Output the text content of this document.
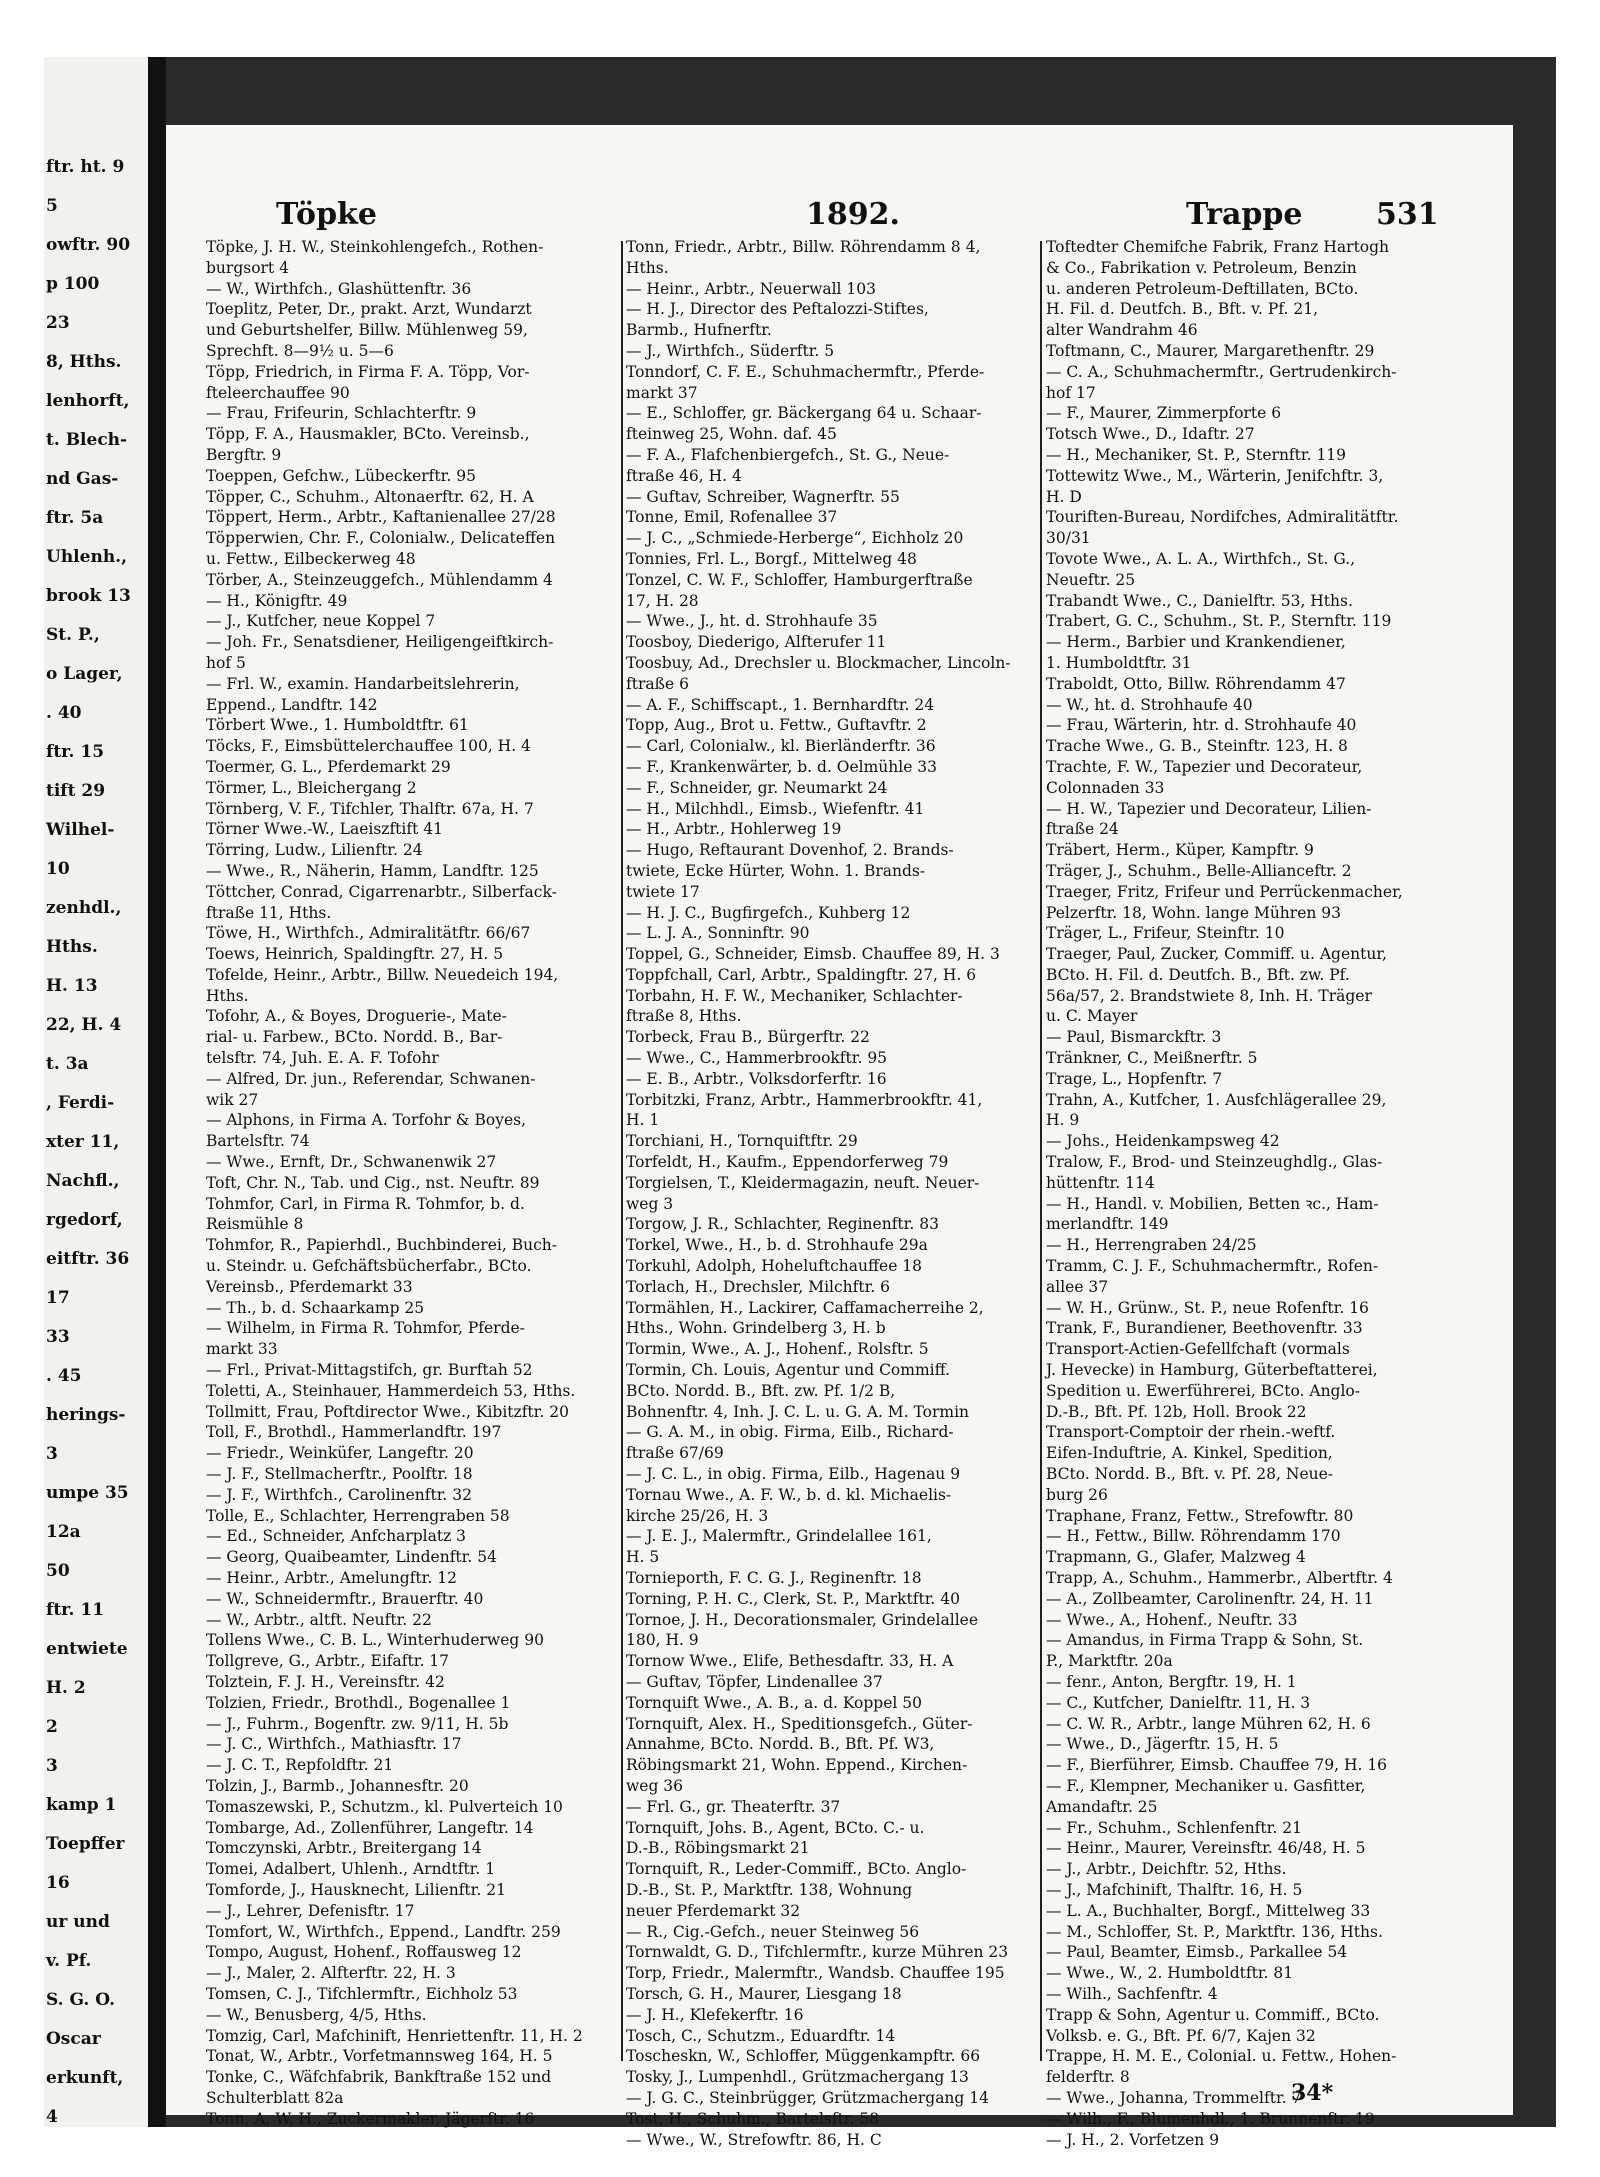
ftr. ht. 9
5
owftr. 90
p 100
23
8, Hths.
lenhorft,
t. Blech-
nd Gas-
ftr. 5a
Uhlenh.,
brook 13
St. P.,
o Lager,
. 40
ftr. 15
tift 29
Wilhel-
10
zenhdl.,
Hths.
H. 13
22, H. 4
t. 3a
, Ferdi-
xter 11,
Nachfl.,
rgedorf,
eitftr. 36
17
33
. 45
herings-
3
umpe 35
12a
50
ftr. 11
entwiete
H. 2
2
3
kamp 1
Toepffer
16
ur und
v. Pf.
S. G. O.
Oscar
erkunft,
4
Töpke	1892.	Trappe 531
Töpke, J. H. W., Steinkohlengefch., Rothen-
burgsort 4
— W., Wirthfch., Glashüttenftr. 36
Toeplitz, Peter, Dr., prakt. Arzt, Wundarzt
und Geburtshelfer, Billw. Mühlenweg 59,
Sprechft. 8—9½ u. 5—6
Töpp, Friedrich, in Firma F. A. Töpp, Vor-
fteleerchauffee 90
— Frau, Frifeurin, Schlachterftr. 9
Töpp, F. A., Hausmakler, BCto. Vereinsb.,
Bergftr. 9
Toeppen, Gefchw., Lübeckerftr. 95
Töpper, C., Schuhm., Altonaerftr. 62, H. A
Töppert, Herm., Arbtr., Kaftanienallee 27/28
Töpperwien, Chr. F., Colonialw., Delicateffen
u. Fettw., Eilbeckerweg 48
Törber, A., Steinzeuggefch., Mühlendamm 4
— H., Königftr. 49
— J., Kutfcher, neue Koppel 7
— Joh. Fr., Senatsdiener, Heiligengeiftkirch-
hof 5
— Frl. W., examin. Handarbeitslehrerin,
Eppend., Landftr. 142
Törbert Wwe., 1. Humboldtftr. 61
Töcks, F., Eimsbüttelerchauffee 100, H. 4
Toermer, G. L., Pferdemarkt 29
Törmer, L., Bleichergang 2
Törnberg, V. F., Tifchler, Thalftr. 67a, H. 7
Törner Wwe.-W., Laeiszftift 41
Törring, Ludw., Lilienftr. 24
— Wwe., R., Näherin, Hamm, Landftr. 125
Töttcher, Conrad, Cigarrenarbtr., Silberfack-
ftraße 11, Hths.
Töwe, H., Wirthfch., Admiralitätftr. 66/67
Toews, Heinrich, Spaldingftr. 27, H. 5
Tofelde, Heinr., Arbtr., Billw. Neuedeich 194,
Hths.
Tofohr, A., & Boyes, Droguerie-, Mate-
rial- u. Farbew., BCto. Nordd. B., Bar-
telsftr. 74, Juh. E. A. F. Tofohr
— Alfred, Dr. jun., Referendar, Schwanen-
wik 27
— Alphons, in Firma A. Torfohr & Boyes,
Bartelsftr. 74
— Wwe., Ernft, Dr., Schwanenwik 27
Toft, Chr. N., Tab. und Cig., nst. Neuftr. 89
Tohmfor, Carl, in Firma R. Tohmfor, b. d.
Reismühle 8
Tohmfor, R., Papierhdl., Buchbinderei, Buch-
u. Steindr. u. Gefchäftsbücherfabr., BCto.
Vereinsb., Pferdemarkt 33
— Th., b. d. Schaarkamp 25
— Wilhelm, in Firma R. Tohmfor, Pferde-
markt 33
— Frl., Privat-Mittagstifch, gr. Burftah 52
Toletti, A., Steinhauer, Hammerdeich 53, Hths.
Tollmitt, Frau, Poftdirector Wwe., Kibitzftr. 20
Toll, F., Brothdl., Hammerlandftr. 197
— Friedr., Weinküfer, Langeftr. 20
— J. F., Stellmacherftr., Poolftr. 18
— J. F., Wirthfch., Carolinenftr. 32
Tolle, E., Schlachter, Herrengraben 58
— Ed., Schneider, Anfcharplatz 3
— Georg, Quaibeamter, Lindenftr. 54
— Heinr., Arbtr., Amelungftr. 12
— W., Schneidermftr., Brauerftr. 40
— W., Arbtr., altft. Neuftr. 22
Tollens Wwe., C. B. L., Winterhuderweg 90
Tollgreve, G., Arbtr., Eifaftr. 17
Tolztein, F. J. H., Vereinsftr. 42
Tolzien, Friedr., Brothdl., Bogenallee 1
— J., Fuhrm., Bogenftr. zw. 9/11, H. 5b
— J. C., Wirthfch., Mathiasftr. 17
— J. C. T., Repfoldftr. 21
Tolzin, J., Barmb., Johannesftr. 20
Tomaszewski, P., Schutzm., kl. Pulverteich 10
Tombarge, Ad., Zollenführer, Langeftr. 14
Tomczynski, Arbtr., Breitergang 14
Tomei, Adalbert, Uhlenh., Arndtftr. 1
Tomforde, J., Hausknecht, Lilienftr. 21
— J., Lehrer, Defenisftr. 17
Tomfort, W., Wirthfch., Eppend., Landftr. 259
Tompo, August, Hohenf., Roffausweg 12
— J., Maler, 2. Alfterftr. 22, H. 3
Tomsen, C. J., Tifchlermftr., Eichholz 53
— W., Benusberg, 4/5, Hths.
Tomzig, Carl, Mafchinift, Henriettenftr. 11, H. 2
Tonat, W., Arbtr., Vorfetmannsweg 164, H. 5
Tonke, C., Wäfchfabrik, Bankftraße 152 und
Schulterblatt 82a
Tonn, A. W. H., Zuckermakler, Jägerftr. 16
Tonn, Friedr., Arbtr., Billw. Röhrendamm 8 4,
Hths.
— Heinr., Arbtr., Neuerwall 103
— H. J., Director des Peftalozzi-Stiftes,
Barmb., Hufnerftr.
— J., Wirthfch., Süderftr. 5
Tonndorf, C. F. E., Schuhmachermftr., Pferde-
markt 37
— E., Schloffer, gr. Bäckergang 64 u. Schaar-
fteinweg 25, Wohn. daf. 45
— F. A., Flafchenbiergefch., St. G., Neue-
ftraße 46, H. 4
— Guftav, Schreiber, Wagnerftr. 55
Tonne, Emil, Rofenallee 37
— J. C., „Schmiede-Herberge“, Eichholz 20
Tonnies, Frl. L., Borgf., Mittelweg 48
Tonzel, C. W. F., Schloffer, Hamburgerftraße
17, H. 28
— Wwe., J., ht. d. Strohhaufe 35
Toosboy, Diederigo, Alfterufer 11
Toosbuy, Ad., Drechsler u. Blockmacher, Lincoln-
ftraße 6
— A. F., Schiffscapt., 1. Bernhardftr. 24
Topp, Aug., Brot u. Fettw., Guftavftr. 2
— Carl, Colonialw., kl. Bierländerftr. 36
— F., Krankenwärter, b. d. Oelmühle 33
— F., Schneider, gr. Neumarkt 24
— H., Milchhdl., Eimsb., Wiefenftr. 41
— H., Arbtr., Hohlerweg 19
— Hugo, Reftaurant Dovenhof, 2. Brands-
twiete, Ecke Hürter, Wohn. 1. Brands-
twiete 17
— H. J. C., Bugfirgefch., Kuhberg 12
— L. J. A., Sonninftr. 90
Toppel, G., Schneider, Eimsb. Chauffee 89, H. 3
Toppfchall, Carl, Arbtr., Spaldingftr. 27, H. 6
Torbahn, H. F. W., Mechaniker, Schlachter-
ftraße 8, Hths.
Torbeck, Frau B., Bürgerftr. 22
— Wwe., C., Hammerbrookftr. 95
— E. B., Arbtr., Volksdorferftr. 16
Torbitzki, Franz, Arbtr., Hammerbrookftr. 41,
H. 1
Torchiani, H., Tornquiftftr. 29
Torfeldt, H., Kaufm., Eppendorferweg 79
Torgielsen, T., Kleidermagazin, neuft. Neuer-
weg 3
Torgow, J. R., Schlachter, Reginenftr. 83
Torkel, Wwe., H., b. d. Strohhaufe 29a
Torkuhl, Adolph, Hoheluftchauffee 18
Torlach, H., Drechsler, Milchftr. 6
Tormählen, H., Lackirer, Caffamacherreihe 2,
Hths., Wohn. Grindelberg 3, H. b
Tormin, Wwe., A. J., Hohenf., Rolsftr. 5
Tormin, Ch. Louis, Agentur und Commiff.
BCto. Nordd. B., Bft. zw. Pf. 1/2 B,
Bohnenftr. 4, Inh. J. C. L. u. G. A. M. Tormin
— G. A. M., in obig. Firma, Eilb., Richard-
ftraße 67/69
— J. C. L., in obig. Firma, Eilb., Hagenau 9
Tornau Wwe., A. F. W., b. d. kl. Michaelis-
kirche 25/26, H. 3
— J. E. J., Malermftr., Grindelallee 161,
H. 5
Tornieporth, F. C. G. J., Reginenftr. 18
Torning, P. H. C., Clerk, St. P., Marktftr. 40
Tornoe, J. H., Decorationsmaler, Grindelallee
180, H. 9
Tornow Wwe., Elife, Bethesdaftr. 33, H. A
— Guftav, Töpfer, Lindenallee 37
Tornquift Wwe., A. B., a. d. Koppel 50
Tornquift, Alex. H., Speditionsgefch., Güter-
Annahme, BCto. Nordd. B., Bft. Pf. W3,
Röbingsmarkt 21, Wohn. Eppend., Kirchen-
weg 36
— Frl. G., gr. Theaterftr. 37
Tornquift, Johs. B., Agent, BCto. C.- u.
D.-B., Röbingsmarkt 21
Tornquift, R., Leder-Commiff., BCto. Anglo-
D.-B., St. P., Marktftr. 138, Wohnung
neuer Pferdemarkt 32
— R., Cig.-Gefch., neuer Steinweg 56
Tornwaldt, G. D., Tifchlermftr., kurze Mühren 23
Torp, Friedr., Malermftr., Wandsb. Chauffee 195
Torsch, G. H., Maurer, Liesgang 18
— J. H., Klefekerftr. 16
Tosch, C., Schutzm., Eduardftr. 14
Toscheskn, W., Schloffer, Müggenkampftr. 66
Tosky, J., Lumpenhdl., Grützmachergang 13
— J. G. C., Steinbrügger, Grützmachergang 14
Tost, H., Schuhm., Bartelsftr. 58
— Wwe., W., Strefowftr. 86, H. C
Toftedter Chemifche Fabrik, Franz Hartogh
& Co., Fabrikation v. Petroleum, Benzin
u. anderen Petroleum-Deftillaten, BCto.
H. Fil. d. Deutfch. B., Bft. v. Pf. 21,
alter Wandrahm 46
Toftmann, C., Maurer, Margarethenftr. 29
— C. A., Schuhmachermftr., Gertrudenkirch-
hof 17
— F., Maurer, Zimmerpforte 6
Totsch Wwe., D., Idaftr. 27
— H., Mechaniker, St. P., Sternftr. 119
Tottewitz Wwe., M., Wärterin, Jenifchftr. 3,
H. D
Touriften-Bureau, Nordifches, Admiralitätftr.
30/31
Tovote Wwe., A. L. A., Wirthfch., St. G.,
Neueftr. 25
Trabandt Wwe., C., Danielftr. 53, Hths.
Trabert, G. C., Schuhm., St. P., Sternftr. 119
— Herm., Barbier und Krankendiener,
1. Humboldtftr. 31
Traboldt, Otto, Billw. Röhrendamm 47
— W., ht. d. Strohhaufe 40
— Frau, Wärterin, htr. d. Strohhaufe 40
Trache Wwe., G. B., Steinftr. 123, H. 8
Trachte, F. W., Tapezier und Decorateur,
Colonnaden 33
— H. W., Tapezier und Decorateur, Lilien-
ftraße 24
Träbert, Herm., Küper, Kampftr. 9
Träger, J., Schuhm., Belle-Allianceftr. 2
Traeger, Fritz, Frifeur und Perrückenmacher,
Pelzerftr. 18, Wohn. lange Mühren 93
Träger, L., Frifeur, Steinftr. 10
Traeger, Paul, Zucker, Commiff. u. Agentur,
BCto. H. Fil. d. Deutfch. B., Bft. zw. Pf.
56a/57, 2. Brandstwiete 8, Inh. H. Träger
u. C. Mayer
— Paul, Bismarckftr. 3
Tränkner, C., Meißnerftr. 5
Trage, L., Hopfenftr. 7
Trahn, A., Kutfcher, 1. Ausfchlägerallee 29,
H. 9
— Johs., Heidenkampsweg 42
Tralow, F., Brod- und Steinzeughdlg., Glas-
hüttenftr. 114
— H., Handl. v. Mobilien, Betten ꝛc., Ham-
merlandftr. 149
— H., Herrengraben 24/25
Tramm, C. J. F., Schuhmachermftr., Rofen-
allee 37
— W. H., Grünw., St. P., neue Rofenftr. 16
Trank, F., Burandiener, Beethovenftr. 33
Transport-Actien-Gefellfchaft (vormals
J. Hevecke) in Hamburg, Güterbeftatterei,
Spedition u. Ewerführerei, BCto. Anglo-
D.-B., Bft. Pf. 12b, Holl. Brook 22
Transport-Comptoir der rhein.-weftf.
Eifen-Induftrie, A. Kinkel, Spedition,
BCto. Nordd. B., Bft. v. Pf. 28, Neue-
burg 26
Traphane, Franz, Fettw., Strefowftr. 80
— H., Fettw., Billw. Röhrendamm 170
Trapmann, G., Glafer, Malzweg 4
Trapp, A., Schuhm., Hammerbr., Albertftr. 4
— A., Zollbeamter, Carolinenftr. 24, H. 11
— Wwe., A., Hohenf., Neuftr. 33
— Amandus, in Firma Trapp & Sohn, St.
P., Marktftr. 20a
— fenr., Anton, Bergftr. 19, H. 1
— C., Kutfcher, Danielftr. 11, H. 3
— C. W. R., Arbtr., lange Mühren 62, H. 6
— Wwe., D., Jägerftr. 15, H. 5
— F., Bierführer, Eimsb. Chauffee 79, H. 16
— F., Klempner, Mechaniker u. Gasfitter,
Amandaftr. 25
— Fr., Schuhm., Schlenfenftr. 21
— Heinr., Maurer, Vereinsftr. 46/48, H. 5
— J., Arbtr., Deichftr. 52, Hths.
— J., Mafchinift, Thalftr. 16, H. 5
— L. A., Buchhalter, Borgf., Mittelweg 33
— M., Schloffer, St. P., Marktftr. 136, Hths.
— Paul, Beamter, Eimsb., Parkallee 54
— Wwe., W., 2. Humboldtftr. 81
— Wilh., Sachfenftr. 4
Trapp & Sohn, Agentur u. Commiff., BCto.
Volksb. e. G., Bft. Pf. 6/7, Kajen 32
Trappe, H. M. E., Colonial. u. Fettw., Hohen-
felderftr. 8
— Wwe., Johanna, Trommelftr. 7
— Wilh., F., Blumenhdl., 1. Brunnenftr. 19
— J. H., 2. Vorfetzen 9
34*
